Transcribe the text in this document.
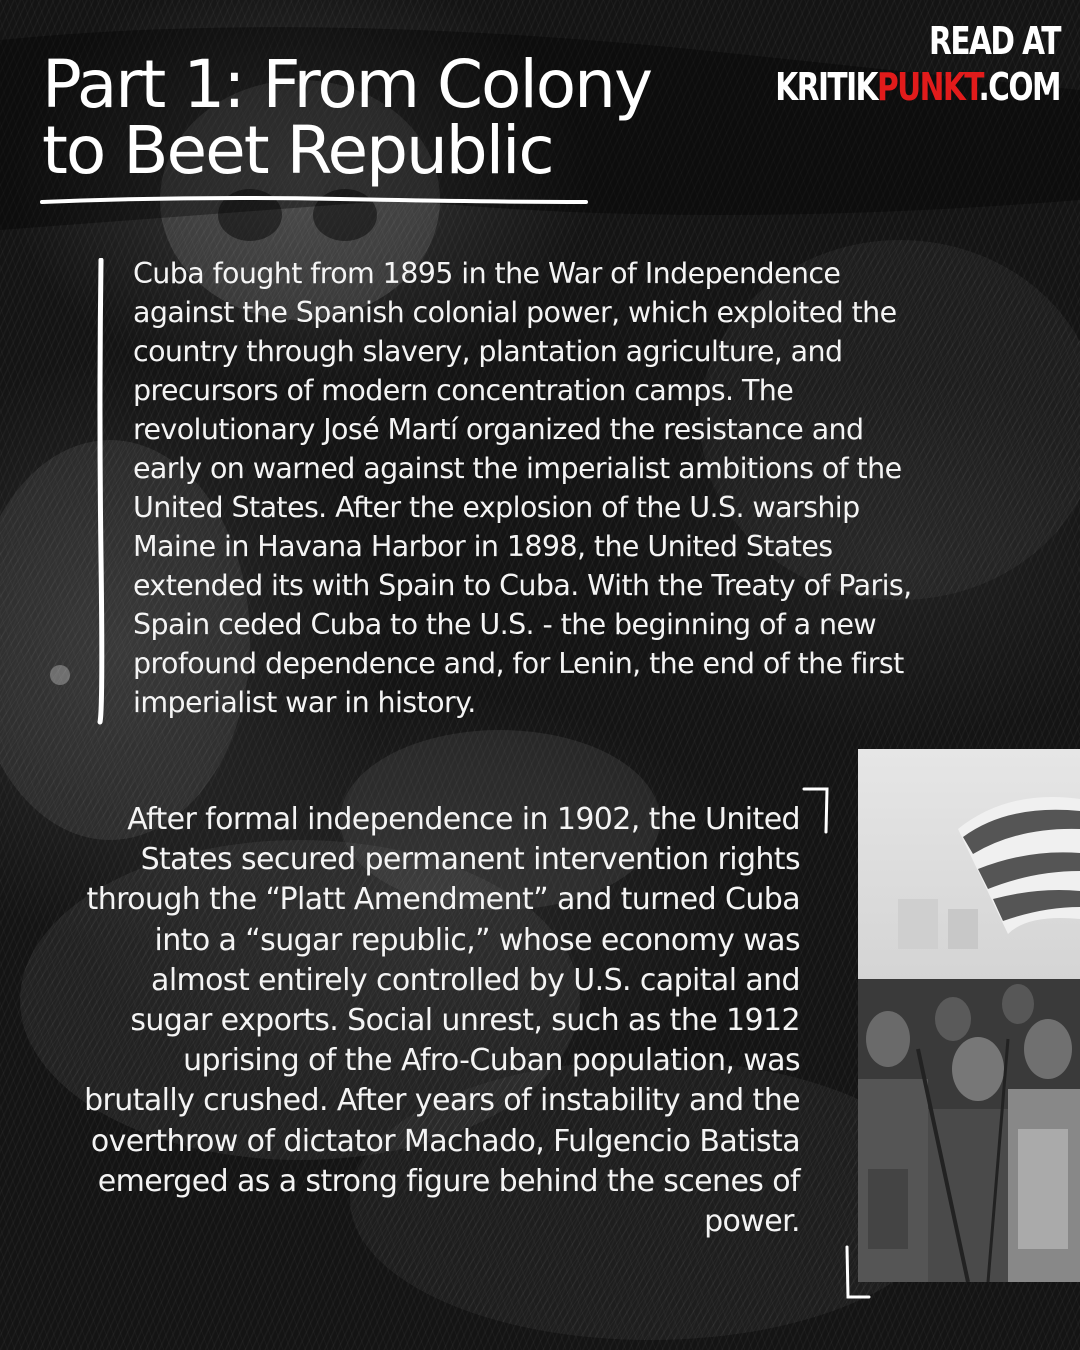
Part 1: From Colony
to Beet Republic
READ AT
KRITIKPUNKT.COM

Cuba fought from 1895 in the War of Independence against the Spanish colonial power, which exploited the country through slavery, plantation agriculture, and precursors of modern concentration camps. The revolutionary José Martí organized the resistance and early on warned against the imperialist ambitions of the United States. After the explosion of the U.S. warship Maine in Havana Harbor in 1898, the United States extended its with Spain to Cuba. With the Treaty of Paris, Spain ceded Cuba to the U.S. - the beginning of a new profound dependence and, for Lenin, the end of the first imperialist war in history.

After formal independence in 1902, the United States secured permanent intervention rights through the “Platt Amendment” and turned Cuba into a “sugar republic,” whose economy was almost entirely controlled by U.S. capital and sugar exports. Social unrest, such as the 1912 uprising of the Afro-Cuban population, was brutally crushed. After years of instability and the overthrow of dictator Machado, Fulgencio Batista emerged as a strong figure behind the scenes of power.
